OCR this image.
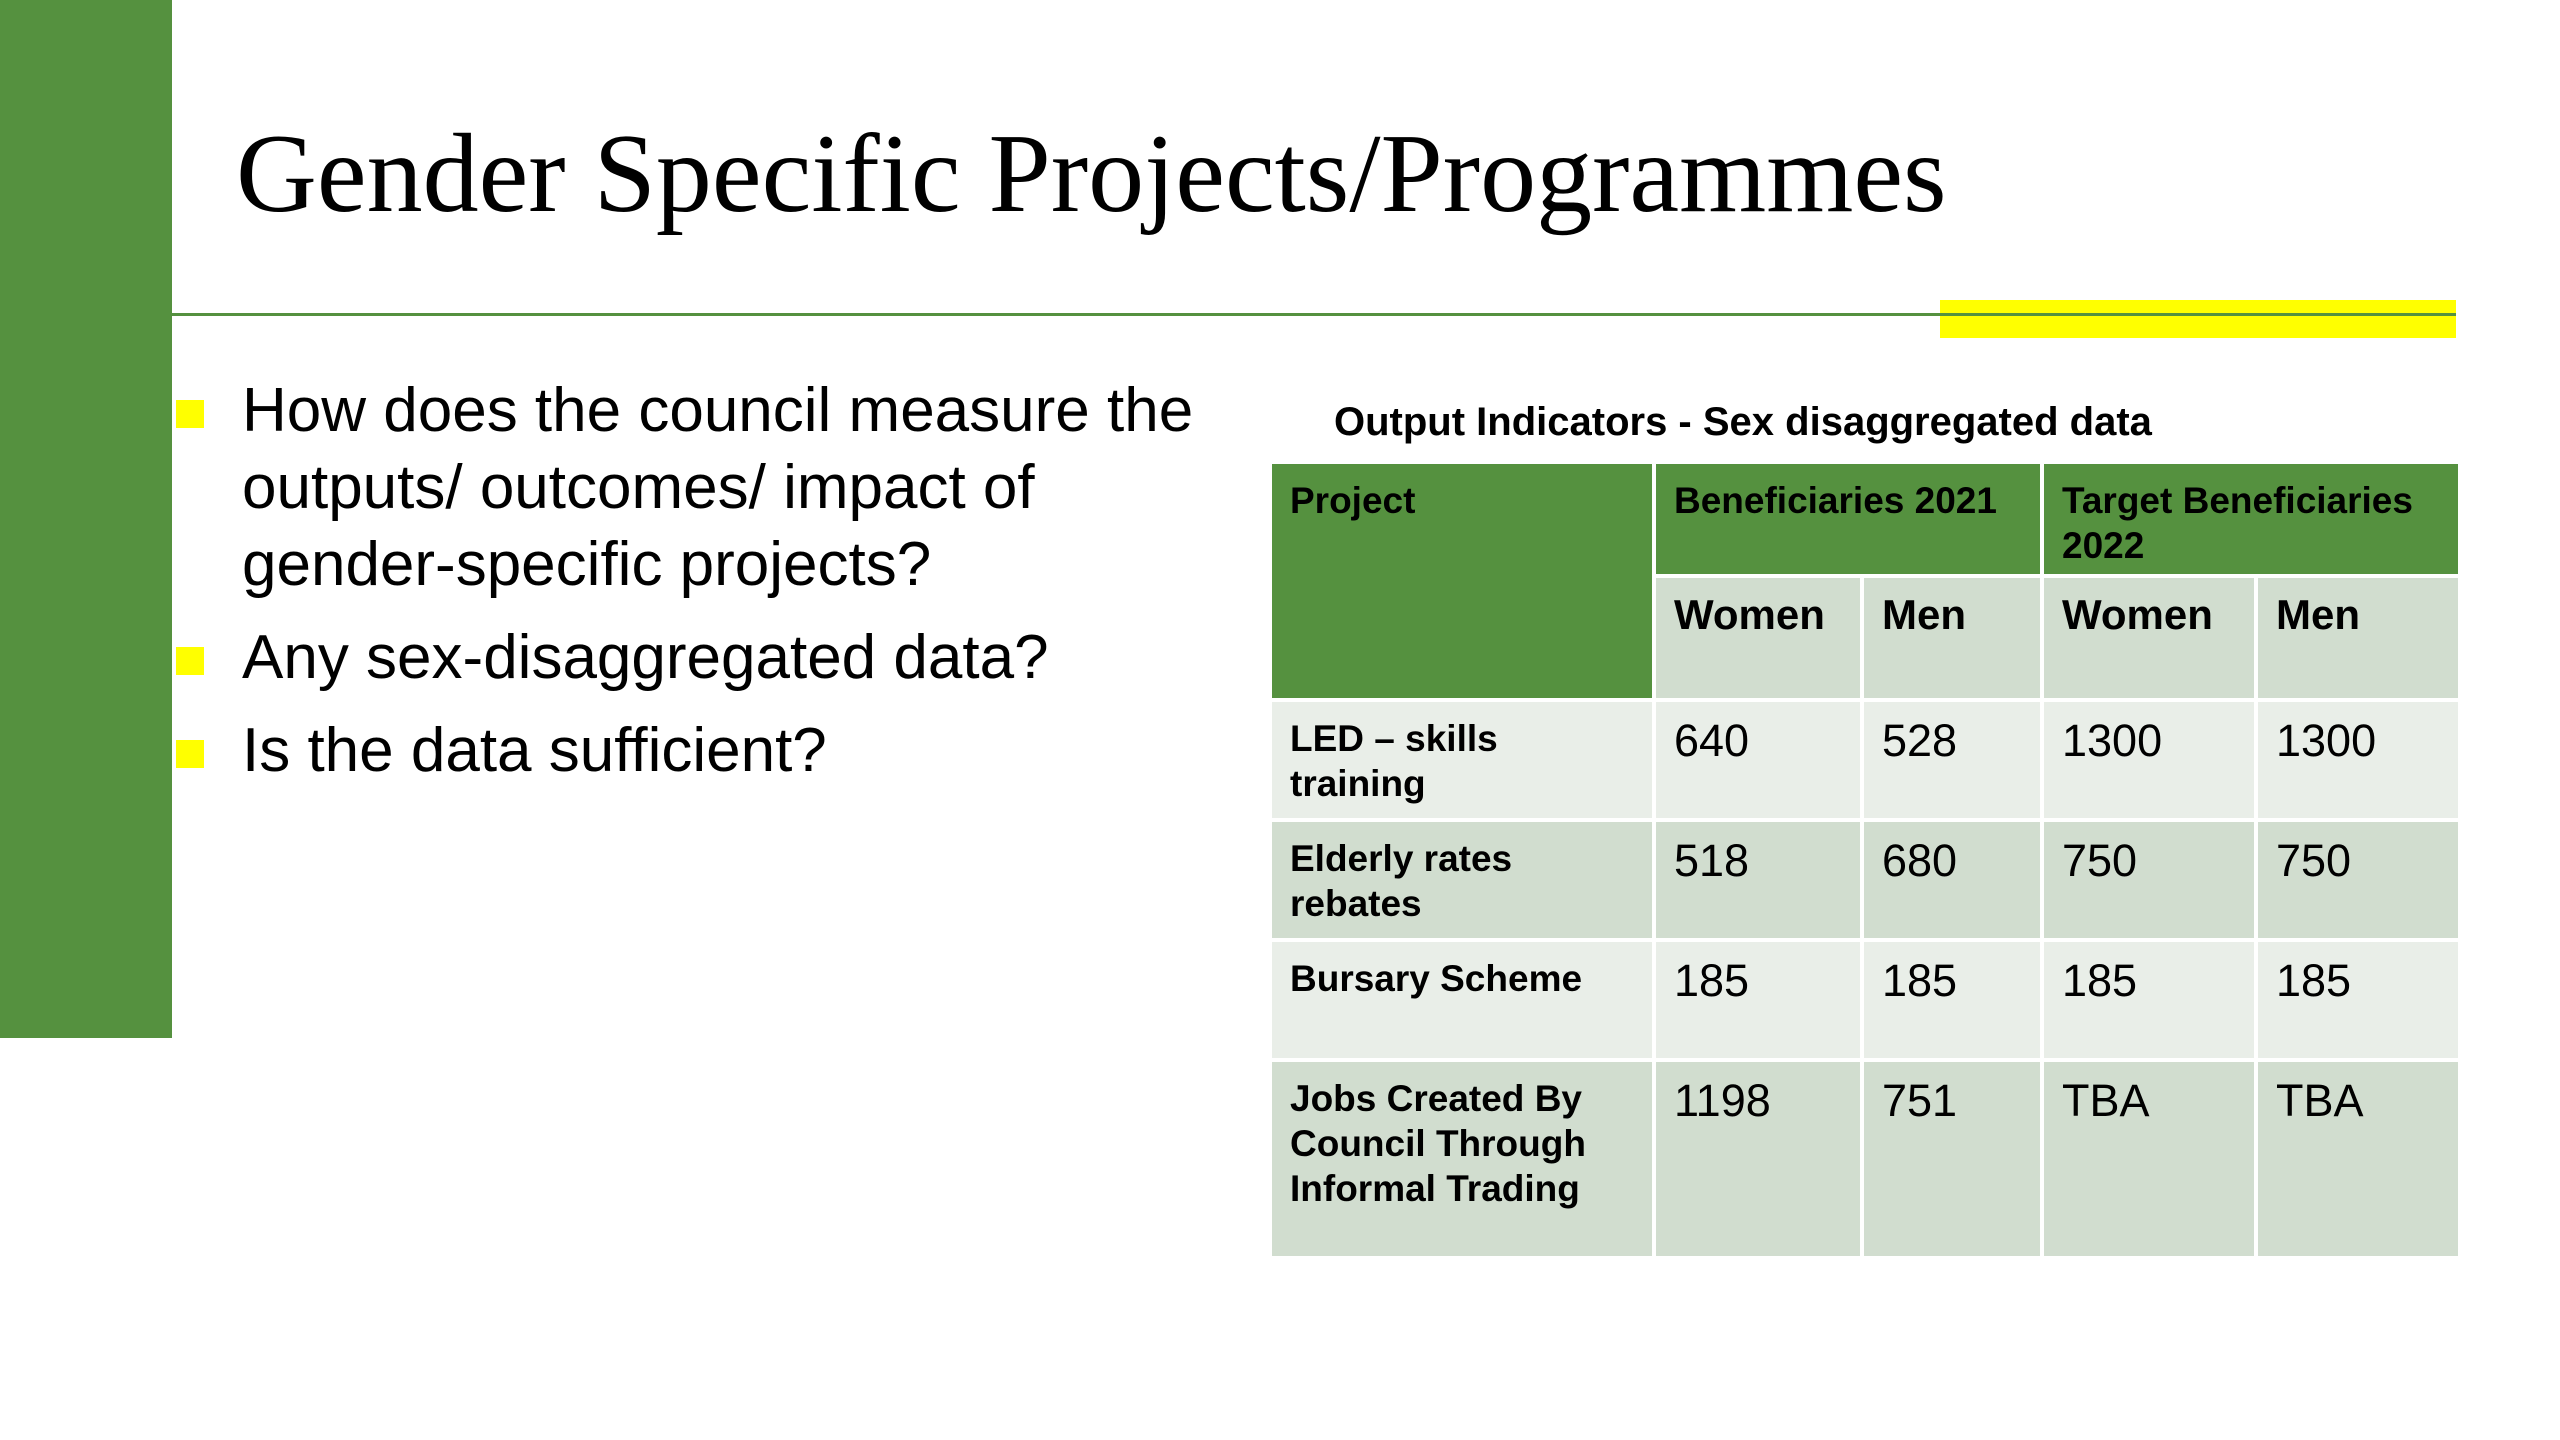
Gender Specific Projects/Programmes
How does the council measure the outputs/ outcomes/ impact of gender-specific projects?
Any sex-disaggregated data?
Is the data sufficient?
Output Indicators - Sex disaggregated data
Project	Beneficiaries 2021		Target Beneficiaries 2022	
	Women	Men	Women	Men
LED – skills training	640	528	1300	1300
Elderly rates rebates	518	680	750	750
Bursary Scheme	185	185	185	185
Jobs Created By Council Through Informal Trading	1198	751	TBA	TBA
